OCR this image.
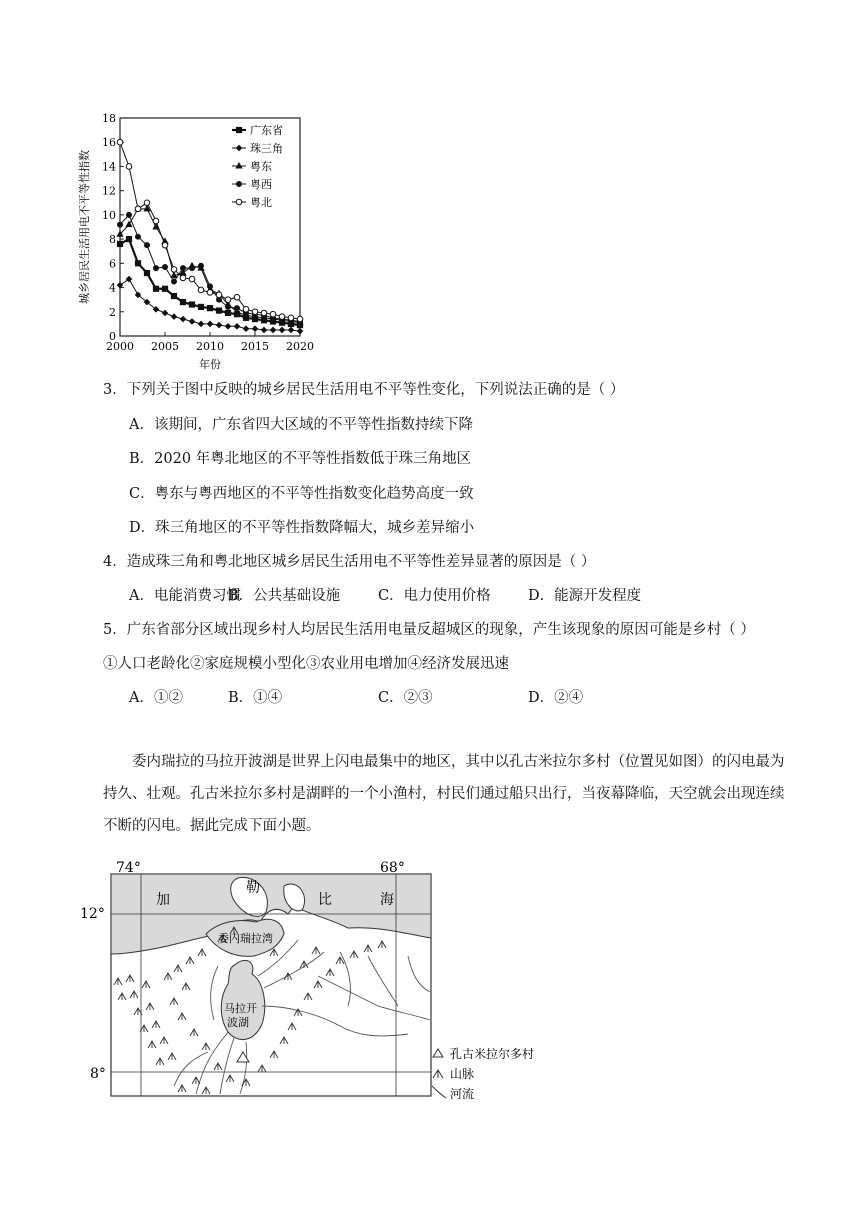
0
2
4
6
8
10
12
14
16
18
2000 2005 2010 2015 2020
广东省
珠三角
粤东
粤西
粤北
城乡居民生活用电不平等性指数
年份
3．下列关于图中反映的城乡居民生活用电不平等性变化，下列说法正确的是（ ）
A．该期间，广东省四大区域的不平等性指数持续下降
B．2020 年粤北地区的不平等性指数低于珠三角地区
C．粤东与粤西地区的不平等性指数变化趋势高度一致
D．珠三角地区的不平等性指数降幅大，城乡差异缩小
4．造成珠三角和粤北地区城乡居民生活用电不平等性差异显著的原因是（ ）
A．电能消费习惯
B．公共基础设施	C．电力使用价格	D．能源开发程度
5．广东省部分区域出现乡村人均居民生活用电量反超城区的现象，产生该现象的原因可能是乡村（ ）
①人口老龄化②家庭规模小型化③农业用电增加④经济发展迅速
A．①②	B．①④	C．②③	D．②④
委内瑞拉的马拉开波湖是世界上闪电最集中的地区，其中以孔古米拉尔多村（位置见如图）的闪电最为持久、壮观。孔古米拉尔多村是湖畔的一个小渔村，村民们通过船只出行，当夜幕降临，天空就会出现连续不断的闪电。据此完成下面小题。
74°	68°
12°
8°
加
勒
比	海
委内瑞拉湾
马拉开
波湖
孔古米拉尔多村
山脉
河流
